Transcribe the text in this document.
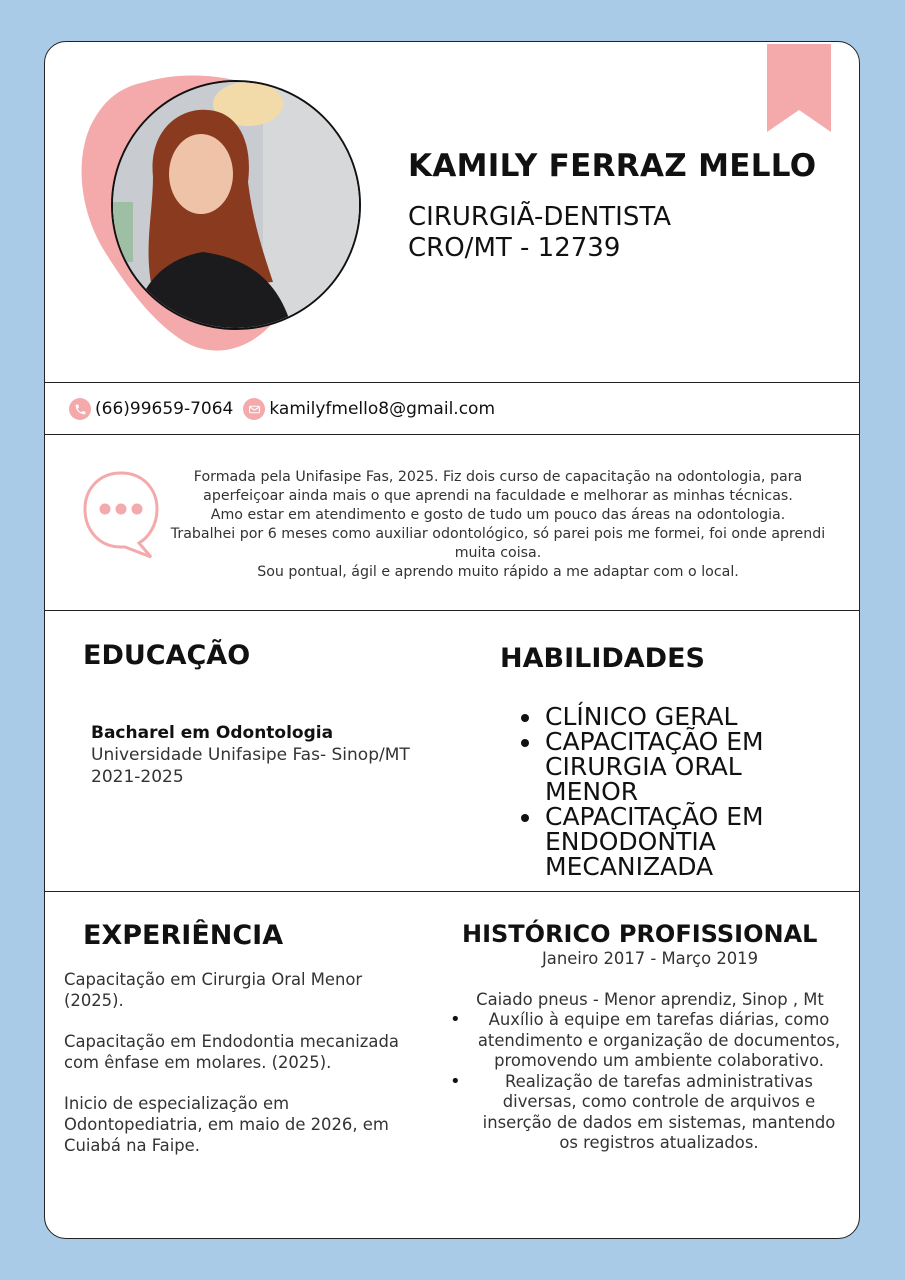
KAMILY FERRAZ MELLO
CIRURGIÃ-DENTISTA
CRO/MT - 12739
(66)99659-7064 kamilyfmello8@gmail.com

Formada pela Unifasipe Fas, 2025. Fiz dois curso de capacitação na odontologia, para aperfeiçoar ainda mais o que aprendi na faculdade e melhorar as minhas técnicas.

Amo estar em atendimento e gosto de tudo um pouco das áreas na odontologia.

Trabalhei por 6 meses como auxiliar odontológico, só parei pois me formei, foi onde aprendi muita coisa.

Sou pontual, ágil e aprendo muito rápido a me adaptar com o local.

EDUCAÇÃO
Bacharel em Odontologia
Universidade Unifasipe Fas- Sinop/MT
2021-2025
HABILIDADES
• CLÍNICO GERAL
• CAPACITAÇÃO EM CIRURGIA ORAL MENOR
• CAPACITAÇÃO EM ENDODONTIA MECANIZADA
EXPERIÊNCIA

Capacitação em Cirurgia Oral Menor (2025).

Capacitação em Endodontia mecanizada com ênfase em molares. (2025).

Inicio de especialização em Odontopediatria, em maio de 2026, em Cuiabá na Faipe.

HISTÓRICO PROFISSIONAL
Janeiro 2017 - Março 2019
Caiado pneus - Menor aprendiz, Sinop , Mt
• Auxílio à equipe em tarefas diárias, como atendimento e organização de documentos, promovendo um ambiente colaborativo.
• Realização de tarefas administrativas diversas, como controle de arquivos e inserção de dados em sistemas, mantendo os registros atualizados.
